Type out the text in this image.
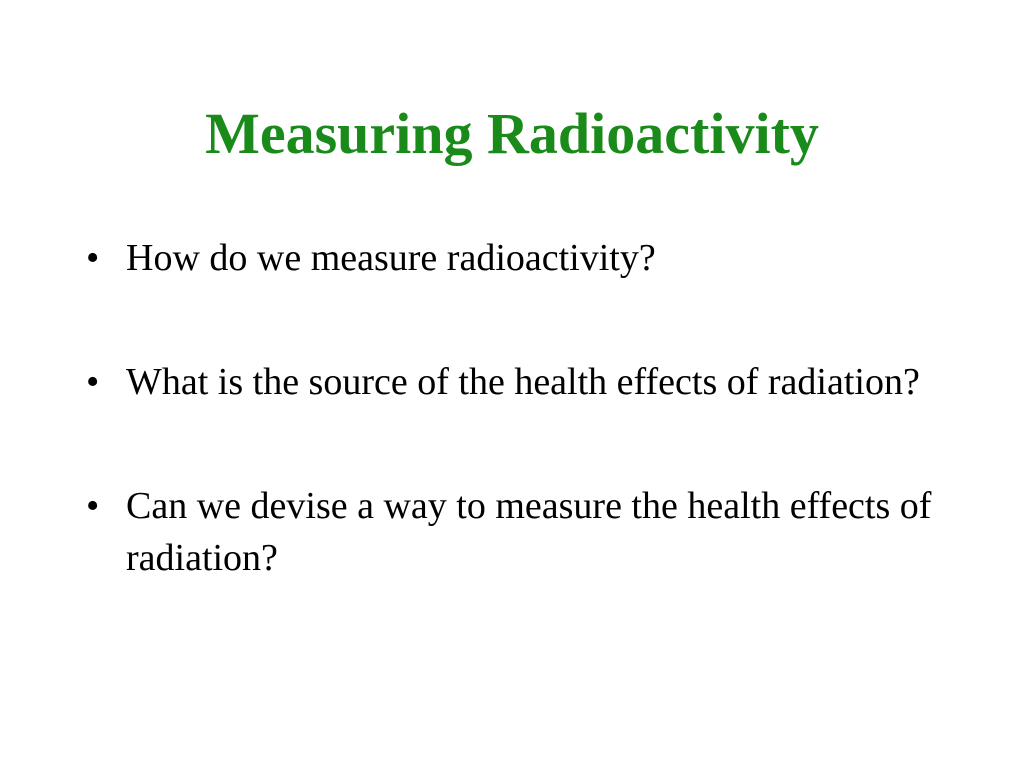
Measuring Radioactivity
• How do we measure radioactivity?
• What is the source of the health effects of radiation?
• Can we devise a way to measure the health effects of radiation?
